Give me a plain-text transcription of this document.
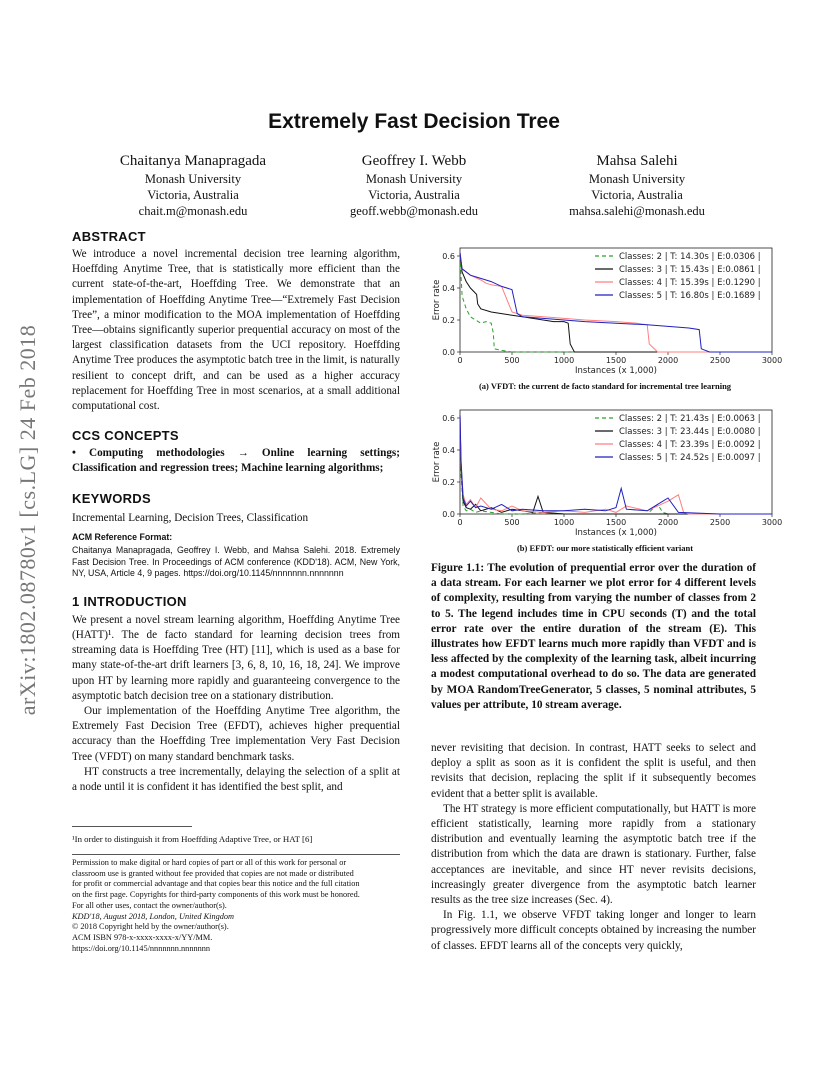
arXiv:1802.08780v1 [cs.LG] 24 Feb 2018
Extremely Fast Decision Tree
Chaitanya Manapragada
Monash University
Victoria, Australia
chait.m@monash.edu
Geoffrey I. Webb
Monash University
Victoria, Australia
geoff.webb@monash.edu
Mahsa Salehi
Monash University
Victoria, Australia
mahsa.salehi@monash.edu
ABSTRACT

We introduce a novel incremental decision tree learning algorithm, Hoeffding Anytime Tree, that is statistically more efficient than the current state-of-the-art, Hoeffding Tree. We demonstrate that an implementation of Hoeffding Anytime Tree—“Extremely Fast Decision Tree”, a minor modification to the MOA implementation of Hoeffding Tree—obtains significantly superior prequential accuracy on most of the largest classification datasets from the UCI repository. Hoeffding Anytime Tree produces the asymptotic batch tree in the limit, is naturally resilient to concept drift, and can be used as a higher accuracy replacement for Hoeffding Tree in most scenarios, at a small additional computational cost.

CCS CONCEPTS

• Computing methodologies → Online learning settings; Classification and regression trees; Machine learning algorithms;

KEYWORDS

Incremental Learning, Decision Trees, Classification

ACM Reference Format:

Chaitanya Manapragada, Geoffrey I. Webb, and Mahsa Salehi. 2018. Extremely Fast Decision Tree. In Proceedings of ACM conference (KDD'18). ACM, New York, NY, USA, Article 4, 9 pages. https://doi.org/10.1145/nnnnnnn.nnnnnnn

1 INTRODUCTION

We present a novel stream learning algorithm, Hoeffding Anytime Tree (HATT)¹. The de facto standard for learning decision trees from streaming data is Hoeffding Tree (HT) [11], which is used as a base for many state-of-the-art drift learners [3, 6, 8, 10, 16, 18, 24]. We improve upon HT by learning more rapidly and guaranteeing convergence to the asymptotic batch decision tree on a stationary distribution.

Our implementation of the Hoeffding Anytime Tree algorithm, the Extremely Fast Decision Tree (EFDT), achieves higher prequential accuracy than the Hoeffding Tree implementation Very Fast Decision Tree (VFDT) on many standard benchmark tasks.

HT constructs a tree incrementally, delaying the selection of a split at a node until it is confident it has identified the best split, and

¹In order to distinguish it from Hoeffding Adaptive Tree, or HAT [6]
Permission to make digital or hard copies of part or all of this work for personal or
classroom use is granted without fee provided that copies are not made or distributed
for profit or commercial advantage and that copies bear this notice and the full citation
on the first page. Copyrights for third-party components of this work must be honored.
For all other uses, contact the owner/author(s).
KDD'18, August 2018, London, United Kingdom
© 2018 Copyright held by the owner/author(s).
ACM ISBN 978-x-xxxx-xxxx-x/YY/MM.
https://doi.org/10.1145/nnnnnnn.nnnnnnn
0	500	1000	1500	2000	2500	3000
0.0
0.2
0.4
0.6
Instances (x 1,000)
Error rate
Classes: 2 | T: 14.30s | E:0.0306 |
Classes: 3 | T: 15.43s | E:0.0861 |
Classes: 4 | T: 15.39s | E:0.1290 |
Classes: 5 | T: 16.80s | E:0.1689 |
(a) VFDT: the current de facto standard for incremental tree learning
0	500	1000	1500	2000	2500	3000
0.0
0.2
0.4
0.6
Instances (x 1,000)
Error rate
Classes: 2 | T: 21.43s | E:0.0063 |
Classes: 3 | T: 23.44s | E:0.0080 |
Classes: 4 | T: 23.39s | E:0.0092 |
Classes: 5 | T: 24.52s | E:0.0097 |
(b) EFDT: our more statistically efficient variant

Figure 1.1: The evolution of prequential error over the duration of a data stream. For each learner we plot error for 4 different levels of complexity, resulting from varying the number of classes from 2 to 5. The legend includes time in CPU seconds (T) and the total error rate over the entire duration of the stream (E). This illustrates how EFDT learns much more rapidly than VFDT and is less affected by the complexity of the learning task, albeit incurring a modest computational overhead to do so. The data are generated by MOA RandomTreeGenerator, 5 classes, 5 nominal attributes, 5 values per attribute, 10 stream average.

never revisiting that decision. In contrast, HATT seeks to select and deploy a split as soon as it is confident the split is useful, and then revisits that decision, replacing the split if it subsequently becomes evident that a better split is available.

The HT strategy is more efficient computationally, but HATT is more efficient statistically, learning more rapidly from a stationary distribution and eventually learning the asymptotic batch tree if the distribution from which the data are drawn is stationary. Further, false acceptances are inevitable, and since HT never revisits decisions, increasingly greater divergence from the asymptotic batch learner results as the tree size increases (Sec. 4).

In Fig. 1.1, we observe VFDT taking longer and longer to learn progressively more difficult concepts obtained by increasing the number of classes. EFDT learns all of the concepts very quickly,
